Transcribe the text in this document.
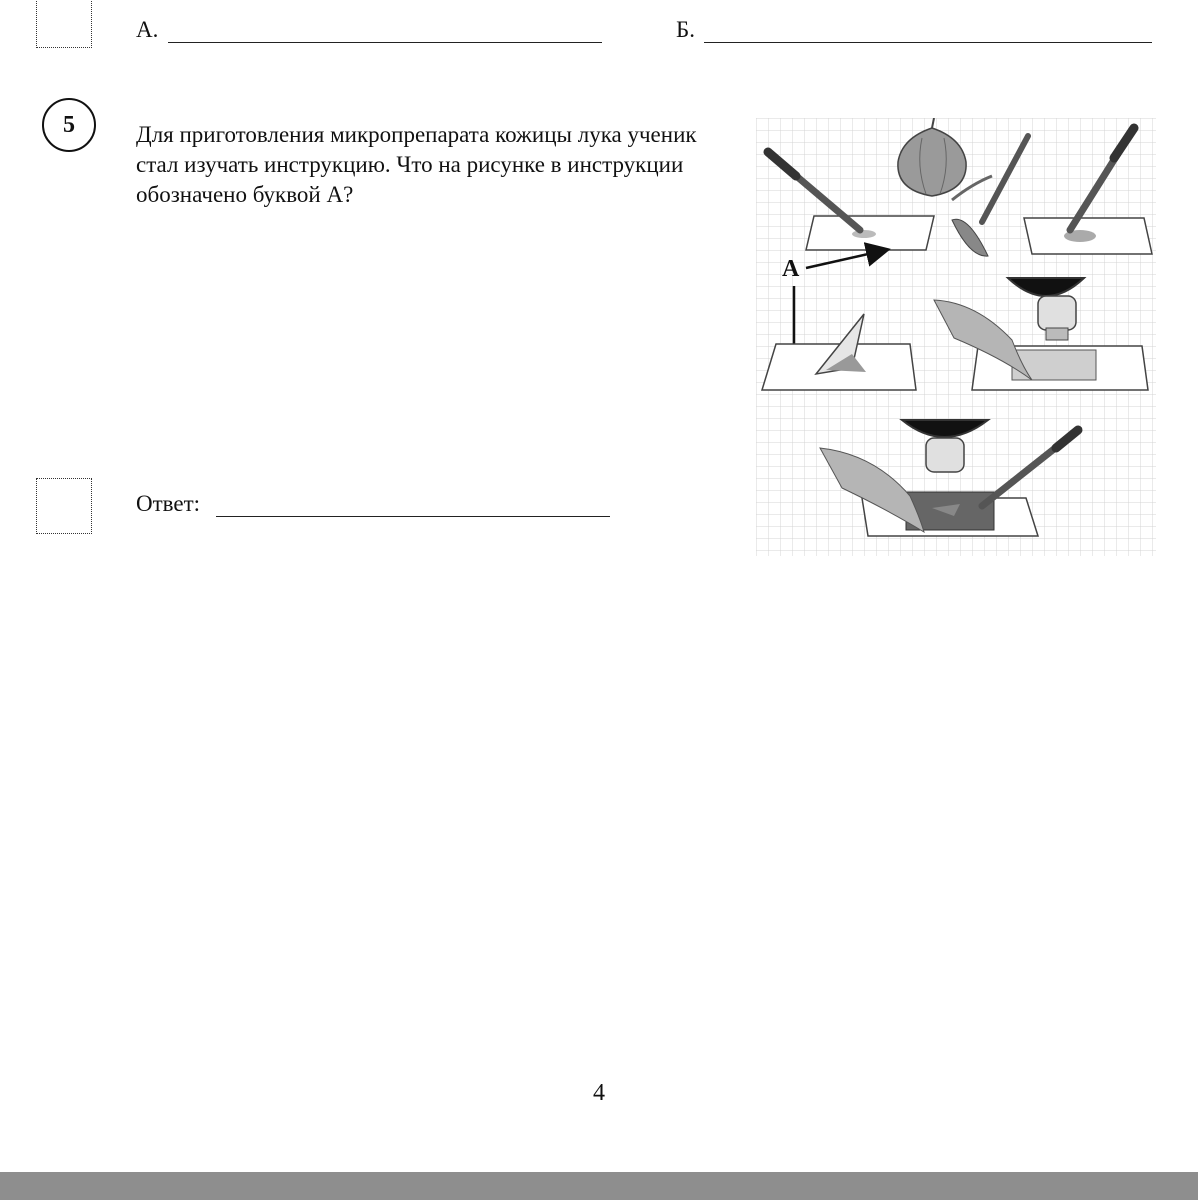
А.	Б.
5	Для приготовления микропрепарата кожицы лука ученик стал изучать инструкцию. Что на рисунке в инструкции обозначено буквой А?

А
Ответ:
4
